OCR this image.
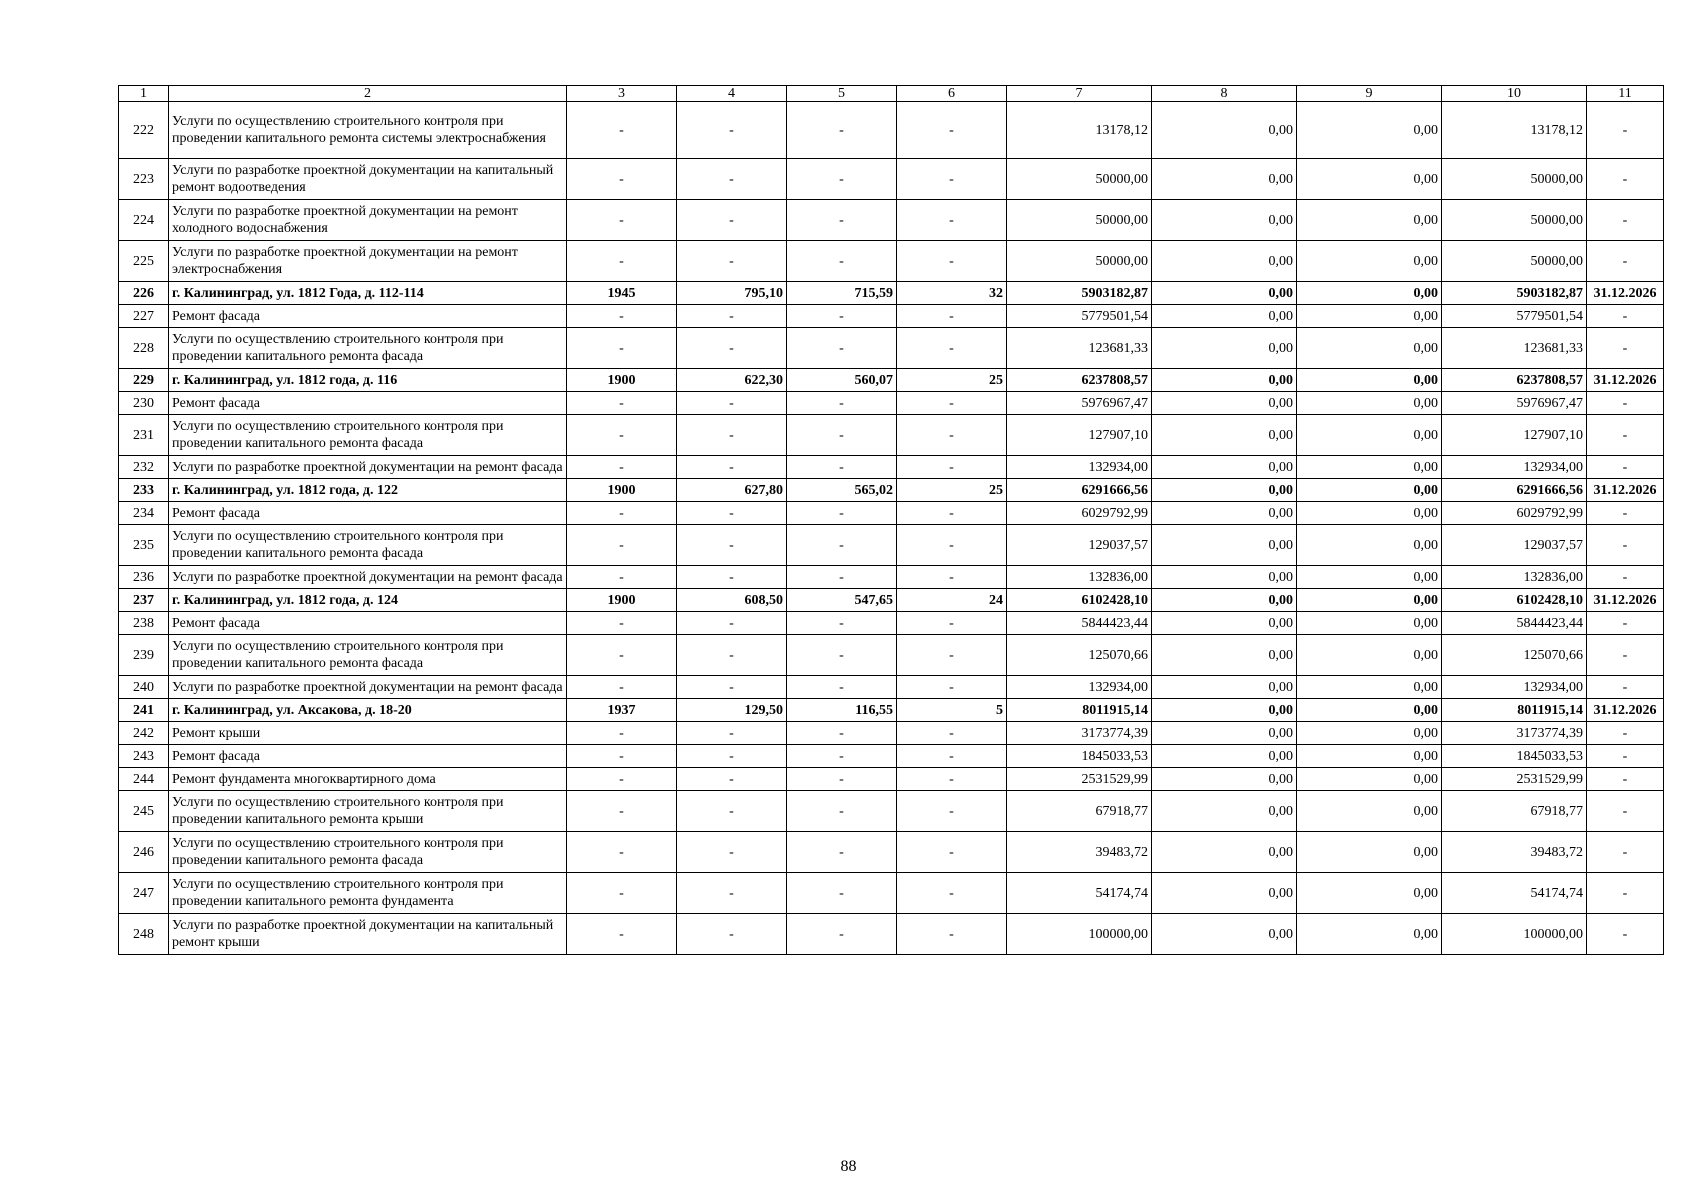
1	2	3	4	5	6	7	8	9	10	11
222	Услуги по осуществлению строительного контроля при проведении капитального ремонта системы электроснабжения	-	-	-	-	13178,12	0,00	0,00	13178,12	-
223	Услуги по разработке проектной документации на капитальный ремонт водоотведения	-	-	-	-	50000,00	0,00	0,00	50000,00	-
224	Услуги по разработке проектной документации на ремонт холодного водоснабжения	-	-	-	-	50000,00	0,00	0,00	50000,00	-
225	Услуги по разработке проектной документации на ремонт электроснабжения	-	-	-	-	50000,00	0,00	0,00	50000,00	-
226	г. Калининград, ул. 1812 Года, д. 112-114	1945	795,10	715,59	32	5903182,87	0,00	0,00	5903182,87	31.12.2026
227	Ремонт фасада	-	-	-	-	5779501,54	0,00	0,00	5779501,54	-
228	Услуги по осуществлению строительного контроля при проведении капитального ремонта фасада	-	-	-	-	123681,33	0,00	0,00	123681,33	-
229	г. Калининград, ул. 1812 года, д. 116	1900	622,30	560,07	25	6237808,57	0,00	0,00	6237808,57	31.12.2026
230	Ремонт фасада	-	-	-	-	5976967,47	0,00	0,00	5976967,47	-
231	Услуги по осуществлению строительного контроля при проведении капитального ремонта фасада	-	-	-	-	127907,10	0,00	0,00	127907,10	-
232	Услуги по разработке проектной документации на ремонт фасада	-	-	-	-	132934,00	0,00	0,00	132934,00	-
233	г. Калининград, ул. 1812 года, д. 122	1900	627,80	565,02	25	6291666,56	0,00	0,00	6291666,56	31.12.2026
234	Ремонт фасада	-	-	-	-	6029792,99	0,00	0,00	6029792,99	-
235	Услуги по осуществлению строительного контроля при проведении капитального ремонта фасада	-	-	-	-	129037,57	0,00	0,00	129037,57	-
236	Услуги по разработке проектной документации на ремонт фасада	-	-	-	-	132836,00	0,00	0,00	132836,00	-
237	г. Калининград, ул. 1812 года, д. 124	1900	608,50	547,65	24	6102428,10	0,00	0,00	6102428,10	31.12.2026
238	Ремонт фасада	-	-	-	-	5844423,44	0,00	0,00	5844423,44	-
239	Услуги по осуществлению строительного контроля при проведении капитального ремонта фасада	-	-	-	-	125070,66	0,00	0,00	125070,66	-
240	Услуги по разработке проектной документации на ремонт фасада	-	-	-	-	132934,00	0,00	0,00	132934,00	-
241	г. Калининград, ул. Аксакова, д. 18-20	1937	129,50	116,55	5	8011915,14	0,00	0,00	8011915,14	31.12.2026
242	Ремонт крыши	-	-	-	-	3173774,39	0,00	0,00	3173774,39	-
243	Ремонт фасада	-	-	-	-	1845033,53	0,00	0,00	1845033,53	-
244	Ремонт фундамента многоквартирного дома	-	-	-	-	2531529,99	0,00	0,00	2531529,99	-
245	Услуги по осуществлению строительного контроля при проведении капитального ремонта крыши	-	-	-	-	67918,77	0,00	0,00	67918,77	-
246	Услуги по осуществлению строительного контроля при проведении капитального ремонта фасада	-	-	-	-	39483,72	0,00	0,00	39483,72	-
247	Услуги по осуществлению строительного контроля при проведении капитального ремонта фундамента	-	-	-	-	54174,74	0,00	0,00	54174,74	-
248	Услуги по разработке проектной документации на капитальный ремонт крыши	-	-	-	-	100000,00	0,00	0,00	100000,00	-
88
